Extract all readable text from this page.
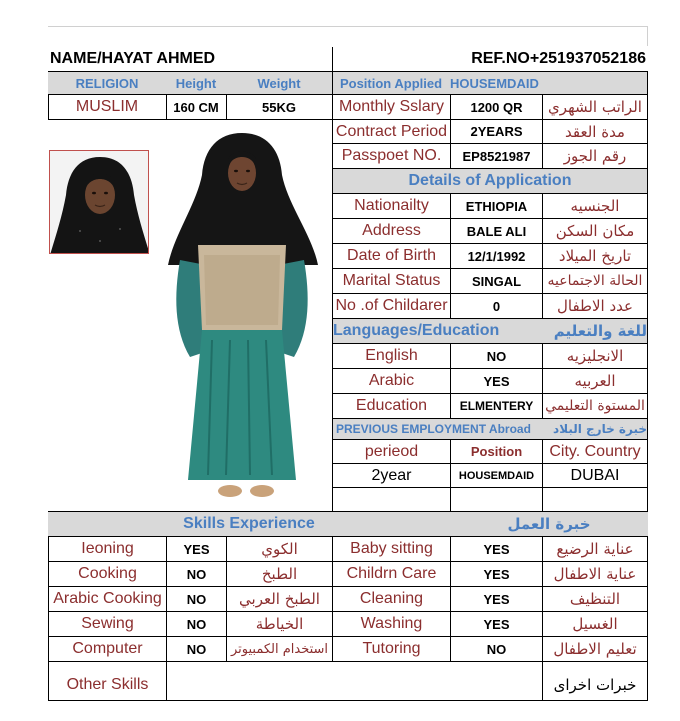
NAME/HAYAT AHMED	REF.NO+251937052186
RELIGION	Height	Weight	Position Applied HOUSEMDAID
MUSLIM	160 CM	55KG	Monthly Sslary	1200 QR	الراتب الشهري
Contract Period	2YEARS	مدة العقد
Passpoet NO.	EP8521987	رقم الجوز
Details of Application
Nationailty	ETHIOPIA	الجنسيه
Address	BALE ALI	مكان السكن
Date of Birth	12/1/1992	تاريخ الميلاد
Marital Status	SINGAL	الحالة الاجتماعيه
No .of Childarer	0	عدد الاطفال
Languages/Education	للغة والتعليم
English	NO	الانجليزيه
Arabic	YES	العربيه
Education	ELMENTERY المستوة التعليمي
PREVIOUS EMPLOYMENT Abroad	خبرة خارج البلاد
perieod	Position	City. Country
2year	HOUSEMDAID	DUBAI
Skills Experience	خبرة العمل
Ieoning	YES	الكوي	Baby sitting	YES	عناية الرضيع
Cooking	NO	الطبخ	Childrn Care	YES	عناية الاطفال
Arabic Cooking	NO	الطبخ العربي	Cleaning	YES	التنظيف
Sewing	NO	الخياطة	Washing	YES	الغسيل
Computer	NO	استخدام الكمبيوتر	Tutoring	NO	تعليم الاطفال
Other Skills	خبرات اخراى
